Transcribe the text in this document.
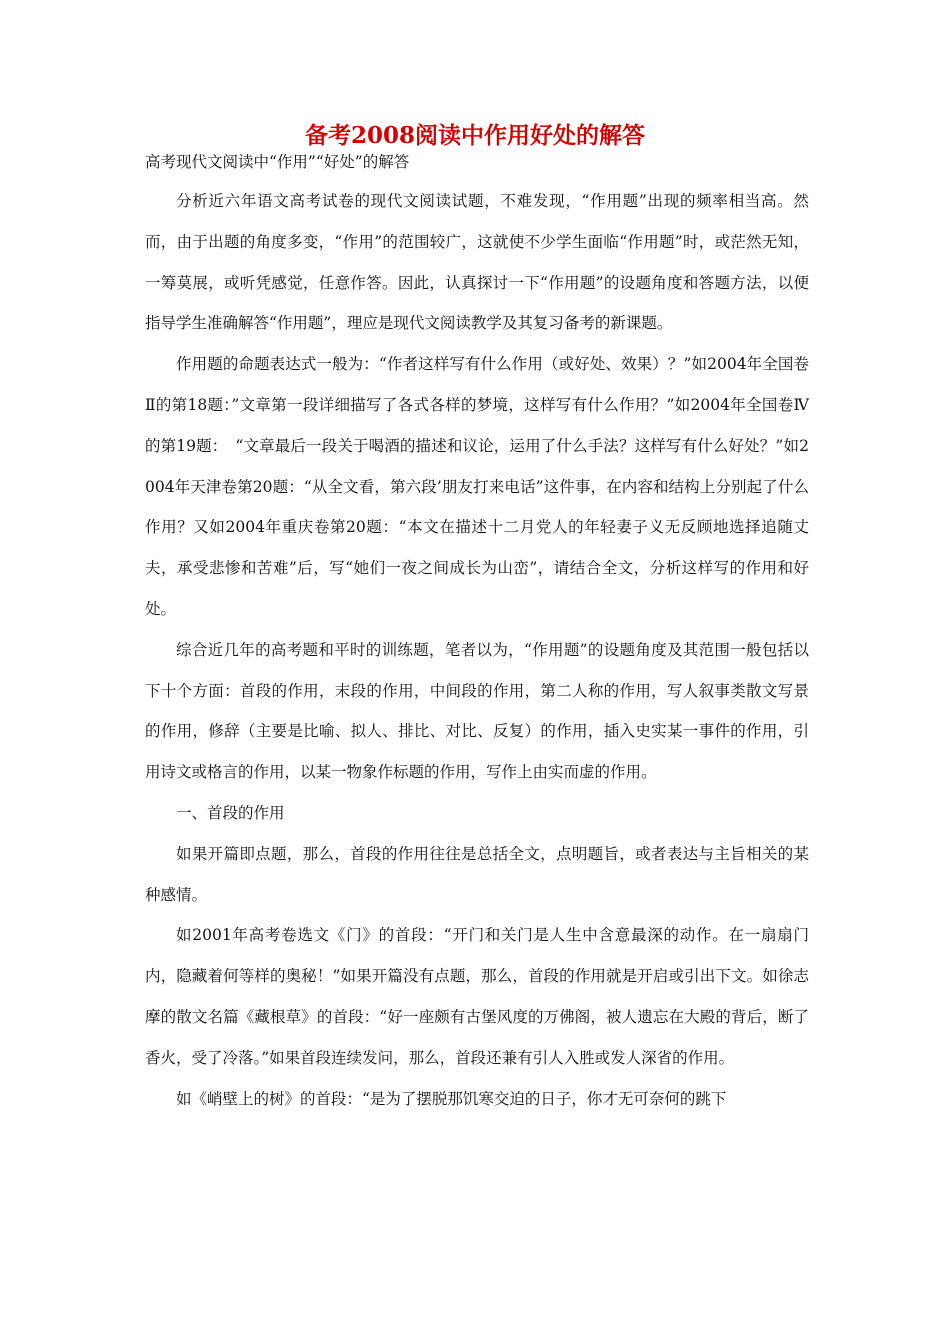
备考2008阅读中作用好处的解答
高考现代文阅读中“作用”“好处”的解答

分析近六年语文高考试卷的现代文阅读试题，不难发现，“作用题”出现的频率相当高。然而，由于出题的角度多变，“作用”的范围较广，这就使不少学生面临“作用题”时，或茫然无知，一筹莫展，或听凭感觉，任意作答。因此，认真探讨一下“作用题”的设题角度和答题方法，以便指导学生准确解答“作用题”，理应是现代文阅读教学及其复习备考的新课题。

作用题的命题表达式一般为：“作者这样写有什么作用（或好处、效果）？”如2004年全国卷Ⅱ的第18题：”文章第一段详细描写了各式各样的梦境，这样写有什么作用？”如2004年全国卷Ⅳ的第19题：　“文章最后一段关于喝酒的描述和议论，运用了什么手法？这样写有什么好处？”如2004年天津卷第20题：“从全文看，第六段’朋友打来电话”这件事，在内容和结构上分别起了什么作用？又如2004年重庆卷第20题：“本文在描述十二月党人的年轻妻子义无反顾地选择追随丈夫，承受悲惨和苦难”后，写“她们一夜之间成长为山峦”，请结合全文，分析这样写的作用和好处。

综合近几年的高考题和平时的训练题，笔者以为，“作用题”的设题角度及其范围一般包括以下十个方面：首段的作用，末段的作用，中间段的作用，第二人称的作用，写人叙事类散文写景的作用，修辞（主要是比喻、拟人、排比、对比、反复）的作用，插入史实某一事件的作用，引用诗文或格言的作用，以某一物象作标题的作用，写作上由实而虚的作用。

一、首段的作用

如果开篇即点题，那么，首段的作用往往是总括全文，点明题旨，或者表达与主旨相关的某种感情。

如2001年高考卷选文《门》的首段：“开门和关门是人生中含意最深的动作。在一扇扇门内，隐藏着何等样的奥秘！”如果开篇没有点题，那么，首段的作用就是开启或引出下文。如徐志摩的散文名篇《藏根草》的首段：“好一座颇有古堡风度的万佛阁，被人遗忘在大殿的背后，断了香火，受了冷落。”如果首段连续发问，那么，首段还兼有引人入胜或发人深省的作用。

如《峭壁上的树》的首段：“是为了摆脱那饥寒交迫的日子，你才无可奈何的跳下
